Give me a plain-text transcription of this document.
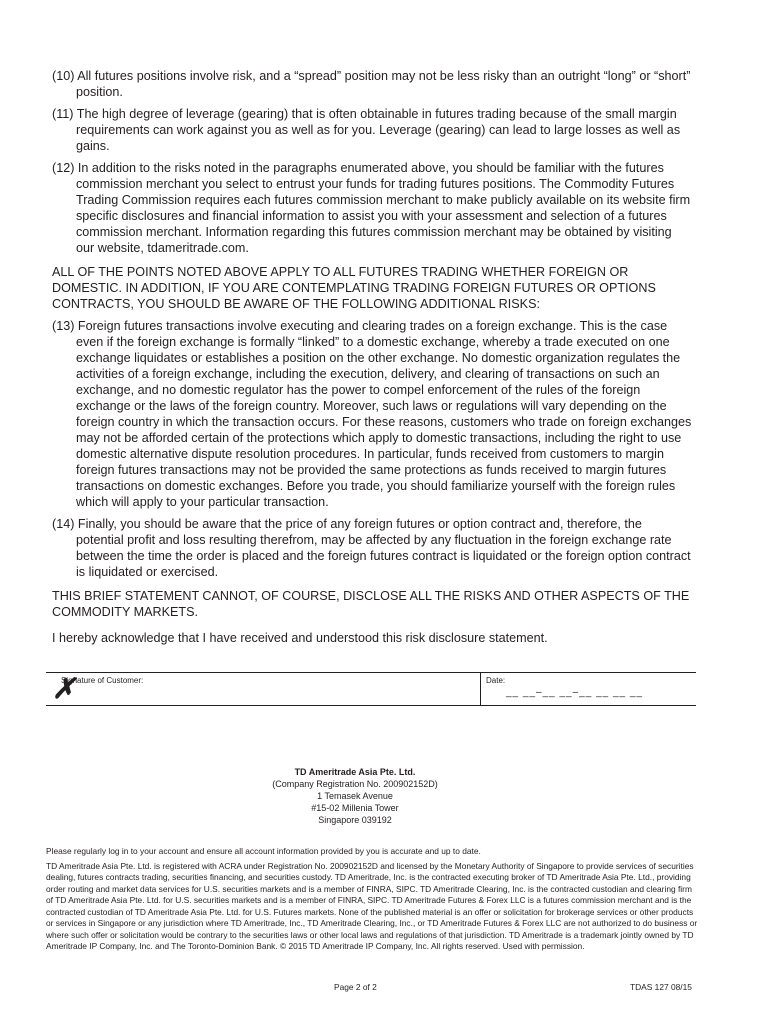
(10) All futures positions involve risk, and a “spread” position may not be less risky than an outright “long” or “short” position.

(11) The high degree of leverage (gearing) that is often obtainable in futures trading because of the small margin requirements can work against you as well as for you. Leverage (gearing) can lead to large losses as well as gains.

(12) In addition to the risks noted in the paragraphs enumerated above, you should be familiar with the futures commission merchant you select to entrust your funds for trading futures positions. The Commodity Futures Trading Commission requires each futures commission merchant to make publicly available on its website firm specific disclosures and financial information to assist you with your assessment and selection of a futures commission merchant. Information regarding this futures commission merchant may be obtained by visiting our website, tdameritrade.com.

ALL OF THE POINTS NOTED ABOVE APPLY TO ALL FUTURES TRADING WHETHER FOREIGN OR DOMESTIC. IN ADDITION, IF YOU ARE CONTEMPLATING TRADING FOREIGN FUTURES OR OPTIONS CONTRACTS, YOU SHOULD BE AWARE OF THE FOLLOWING ADDITIONAL RISKS:

(13) Foreign futures transactions involve executing and clearing trades on a foreign exchange. This is the case even if the foreign exchange is formally “linked” to a domestic exchange, whereby a trade executed on one exchange liquidates or establishes a position on the other exchange. No domestic organization regulates the activities of a foreign exchange, including the execution, delivery, and clearing of transactions on such an exchange, and no domestic regulator has the power to compel enforcement of the rules of the foreign exchange or the laws of the foreign country. Moreover, such laws or regulations will vary depending on the foreign country in which the transaction occurs. For these reasons, customers who trade on foreign exchanges may not be afforded certain of the protections which apply to domestic transactions, including the right to use domestic alternative dispute resolution procedures. In particular, funds received from customers to margin foreign futures transactions may not be provided the same protections as funds received to margin futures transactions on domestic exchanges. Before you trade, you should familiarize yourself with the foreign rules which will apply to your particular transaction.

(14) Finally, you should be aware that the price of any foreign futures or option contract and, therefore, the potential profit and loss resulting therefrom, may be affected by any fluctuation in the foreign exchange rate between the time the order is placed and the foreign futures contract is liquidated or the foreign option contract is liquidated or exercised.

THIS BRIEF STATEMENT CANNOT, OF COURSE, DISCLOSE ALL THE RISKS AND OTHER ASPECTS OF THE COMMODITY MARKETS.

I hereby acknowledge that I have received and understood this risk disclosure statement.

✗
Signature of Customer:	Date:
__ __–__ __–__ __ __ __
TD Ameritrade Asia Pte. Ltd.
(Company Registration No. 200902152D)
1 Temasek Avenue
#15-02 Millenia Tower
Singapore 039192

Please regularly log in to your account and ensure all account information provided by you is accurate and up to date.

TD Ameritrade Asia Pte. Ltd. is registered with ACRA under Registration No. 200902152D and licensed by the Monetary Authority of Singapore to provide services of securities dealing, futures contracts trading, securities financing, and securities custody. TD Ameritrade, Inc. is the contracted executing broker of TD Ameritrade Asia Pte. Ltd., providing order routing and market data services for U.S. securities markets and is a member of FINRA, SIPC. TD Ameritrade Clearing, Inc. is the contracted custodian and clearing firm of TD Ameritrade Asia Pte. Ltd. for U.S. securities markets and is a member of FINRA, SIPC. TD Ameritrade Futures & Forex LLC is a futures commission merchant and is the contracted custodian of TD Ameritrade Asia Pte. Ltd. for U.S. Futures markets. None of the published material is an offer or solicitation for brokerage services or other products or services in Singapore or any jurisdiction where TD Ameritrade, Inc., TD Ameritrade Clearing, Inc., or TD Ameritrade Futures & Forex LLC are not authorized to do business or where such offer or solicitation would be contrary to the securities laws or other local laws and regulations of that jurisdiction. TD Ameritrade is a trademark jointly owned by TD Ameritrade IP Company, Inc. and The Toronto-Dominion Bank. © 2015 TD Ameritrade IP Company, Inc. All rights reserved. Used with permission.

Page 2 of 2	TDAS 127 08/15
